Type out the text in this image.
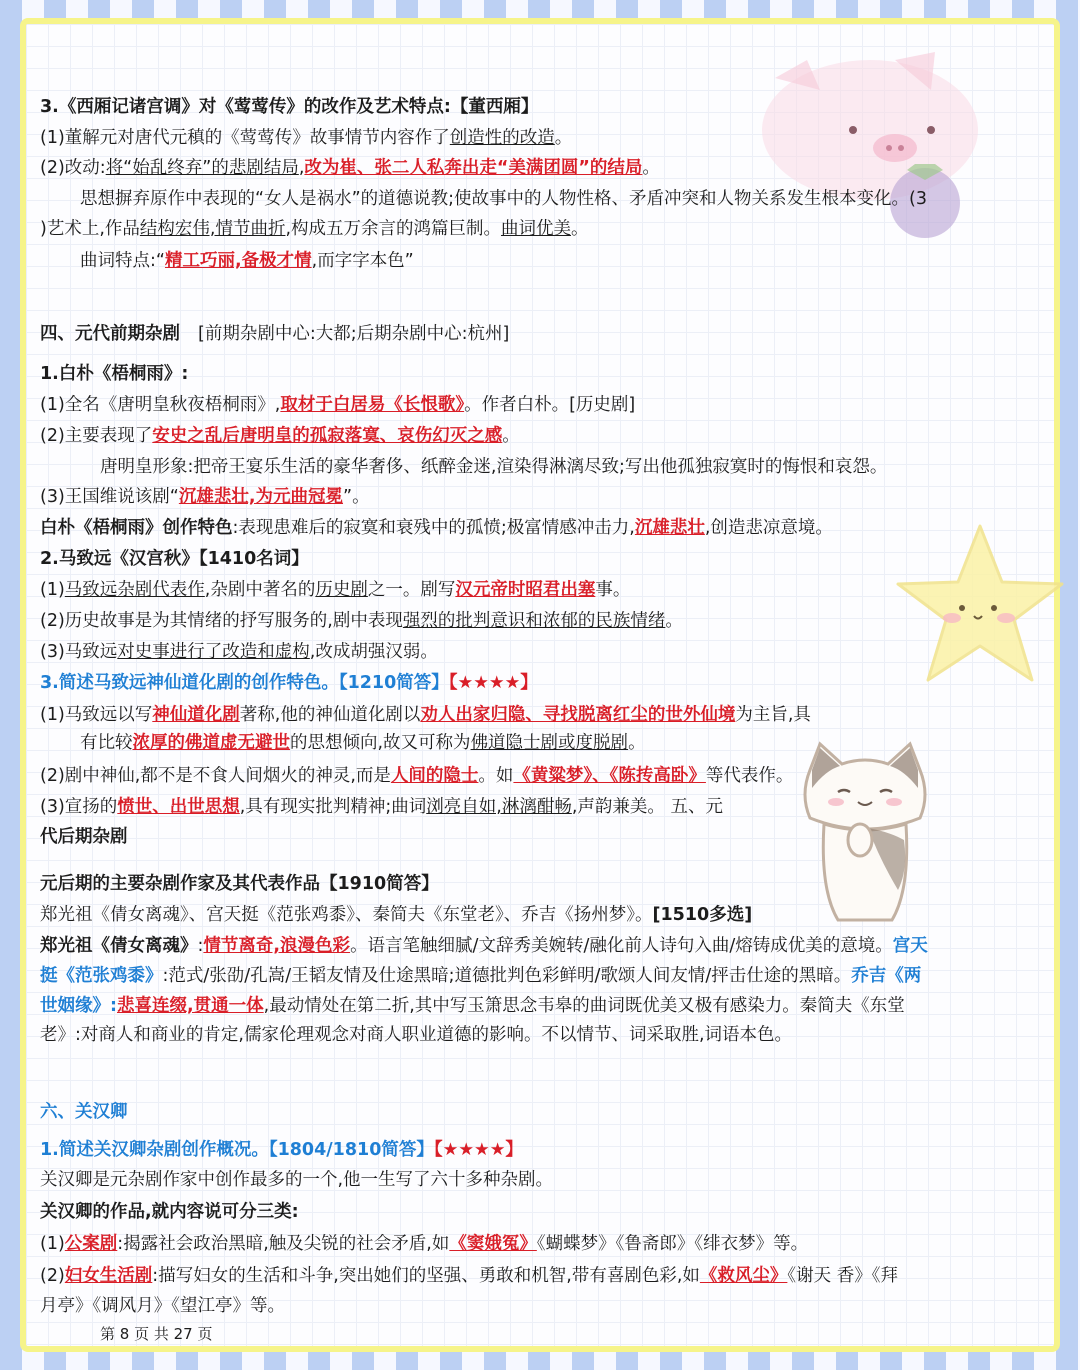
3.《西厢记诸宫调》对《莺莺传》的改作及艺术特点:【董西厢】
(1)董解元对唐代元稹的《莺莺传》故事情节内容作了创造性的改造。
(2)改动:将“始乱终弃”的悲剧结局,改为崔、张二人私奔出走“美满团圆”的结局。
思想摒弃原作中表现的“女人是祸水”的道德说教;使故事中的人物性格、矛盾冲突和人物关系发生根本变化。(3
)艺术上,作品结构宏伟,情节曲折,构成五万余言的鸿篇巨制。曲词优美。
曲词特点:“精工巧丽,备极才情,而字字本色”
四、元代前期杂剧 [前期杂剧中心:大都;后期杂剧中心:杭州]
1.白朴《梧桐雨》:
(1)全名《唐明皇秋夜梧桐雨》,取材于白居易《长恨歌》。作者白朴。[历史剧]
(2)主要表现了安史之乱后唐明皇的孤寂落寞、哀伤幻灭之感。
唐明皇形象:把帝王宴乐生活的豪华奢侈、纸醉金迷,渲染得淋漓尽致;写出他孤独寂寞时的悔恨和哀怨。
(3)王国维说该剧“沉雄悲壮,为元曲冠冕”。
白朴《梧桐雨》创作特色:表现患难后的寂寞和衰残中的孤愤;极富情感冲击力,沉雄悲壮,创造悲凉意境。
2.马致远《汉宫秋》【1410名词】
(1)马致远杂剧代表作,杂剧中著名的历史剧之一。剧写汉元帝时昭君出塞事。
(2)历史故事是为其情绪的抒写服务的,剧中表现强烈的批判意识和浓郁的民族情绪。
(3)马致远对史事进行了改造和虚构,改成胡强汉弱。
3.简述马致远神仙道化剧的创作特色。【1210简答】【★★★★】
(1)马致远以写神仙道化剧著称,他的神仙道化剧以劝人出家归隐、寻找脱离红尘的世外仙境为主旨,具
有比较浓厚的佛道虚无避世的思想倾向,故又可称为佛道隐士剧或度脱剧。
(2)剧中神仙,都不是不食人间烟火的神灵,而是人间的隐士。如《黄粱梦》、《陈抟高卧》等代表作。
(3)宣扬的愤世、出世思想,具有现实批判精神;曲词浏亮自如,淋漓酣畅,声韵兼美。 五、元
代后期杂剧
元后期的主要杂剧作家及其代表作品【1910简答】
郑光祖《倩女离魂》、宫天挺《范张鸡黍》、秦简夫《东堂老》、乔吉《扬州梦》。[1510多选]
郑光祖《倩女离魂》:情节离奇,浪漫色彩。语言笔触细腻/文辞秀美婉转/融化前人诗句入曲/熔铸成优美的意境。宫天
挺《范张鸡黍》:范式/张劭/孔嵩/王韬友情及仕途黑暗;道德批判色彩鲜明/歌颂人间友情/抨击仕途的黑暗。乔吉《两
世姻缘》:悲喜连缀,贯通一体,最动情处在第二折,其中写玉箫思念韦皋的曲词既优美又极有感染力。秦简夫《东堂
老》:对商人和商业的肯定,儒家伦理观念对商人职业道德的影响。不以情节、词采取胜,词语本色。
六、关汉卿
1.简述关汉卿杂剧创作概况。【1804/1810简答】【★★★★】
关汉卿是元杂剧作家中创作最多的一个,他一生写了六十多种杂剧。
关汉卿的作品,就内容说可分三类:
(1)公案剧:揭露社会政治黑暗,触及尖锐的社会矛盾,如《窦娥冤》《蝴蝶梦》《鲁斋郎》《绯衣梦》等。
(2)妇女生活剧:描写妇女的生活和斗争,突出她们的坚强、勇敢和机智,带有喜剧色彩,如《救风尘》《谢天 香》《拜
月亭》《调风月》《望江亭》等。
第 8 页 共 27 页
